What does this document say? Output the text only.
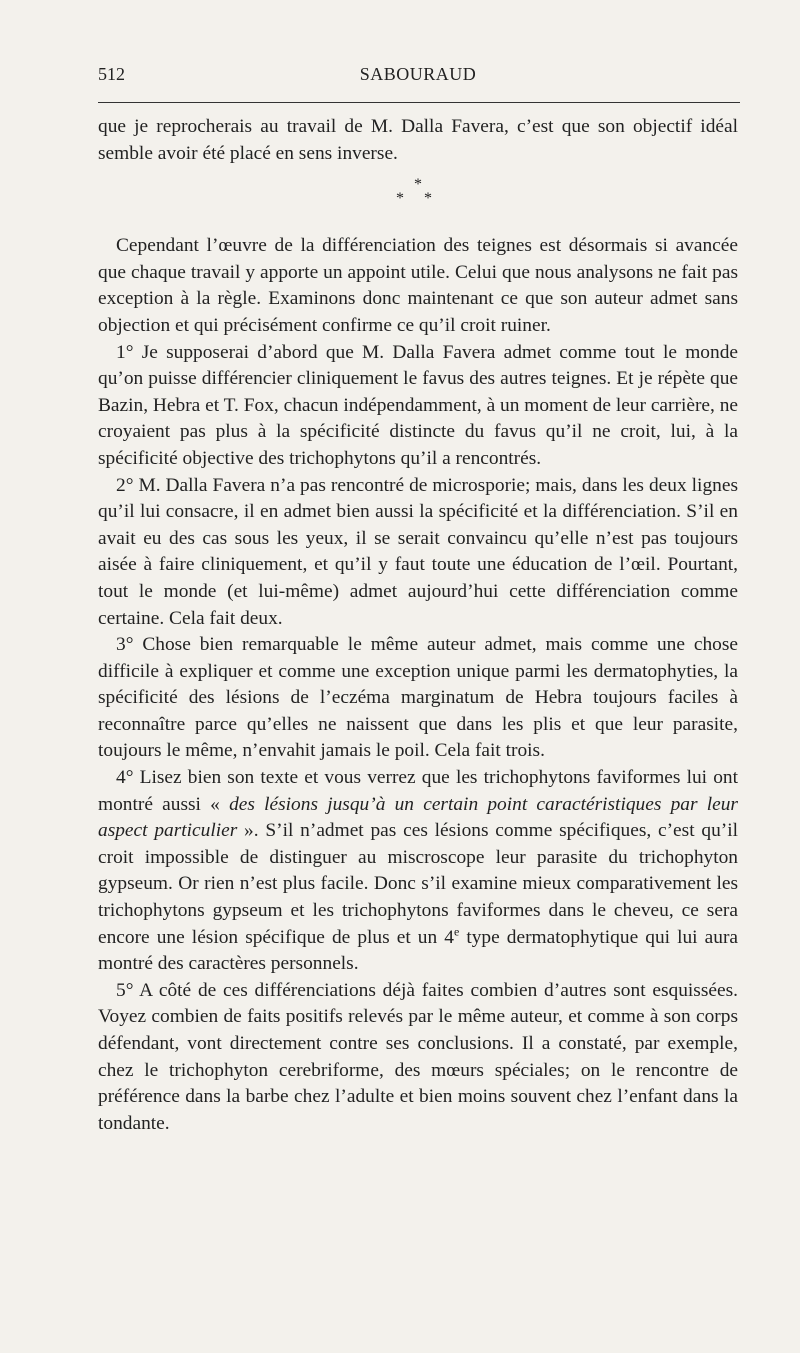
512	SABOURAUD

que je reprocherais au travail de M. Dalla Favera, c’est que son objectif idéal semble avoir été placé en sens inverse.

*
* *

Cependant l’œuvre de la différenciation des teignes est désormais si avancée que chaque travail y apporte un appoint utile. Celui que nous analysons ne fait pas exception à la règle. Examinons donc maintenant ce que son auteur admet sans objection et qui précisément confirme ce qu’il croit ruiner.

1° Je supposerai d’abord que M. Dalla Favera admet comme tout le monde qu’on puisse différencier cliniquement le favus des autres teignes. Et je répète que Bazin, Hebra et T. Fox, chacun indépendamment, à un moment de leur carrière, ne croyaient pas plus à la spécificité distincte du favus qu’il ne croit, lui, à la spécificité objective des trichophytons qu’il a rencontrés.

2° M. Dalla Favera n’a pas rencontré de microsporie; mais, dans les deux lignes qu’il lui consacre, il en admet bien aussi la spécificité et la différenciation. S’il en avait eu des cas sous les yeux, il se serait convaincu qu’elle n’est pas toujours aisée à faire cliniquement, et qu’il y faut toute une éducation de l’œil. Pourtant, tout le monde (et lui-même) admet aujourd’hui cette différenciation comme certaine. Cela fait deux.

3° Chose bien remarquable le même auteur admet, mais comme une chose difficile à expliquer et comme une exception unique parmi les dermatophyties, la spécificité des lésions de l’eczéma marginatum de Hebra toujours faciles à reconnaître parce qu’elles ne naissent que dans les plis et que leur parasite, toujours le même, n’envahit jamais le poil. Cela fait trois.

4° Lisez bien son texte et vous verrez que les trichophytons faviformes lui ont montré aussi « des lésions jusqu’à un certain point caractéristiques par leur aspect particulier ». S’il n’admet pas ces lésions comme spécifiques, c’est qu’il croit impossible de distinguer au miscroscope leur parasite du trichophyton gypseum. Or rien n’est plus facile. Donc s’il examine mieux comparativement les trichophytons gypseum et les trichophytons faviformes dans le cheveu, ce sera encore une lésion spécifique de plus et un 4e type dermatophytique qui lui aura montré des caractères personnels.

5° A côté de ces différenciations déjà faites combien d’autres sont esquissées. Voyez combien de faits positifs relevés par le même auteur, et comme à son corps défendant, vont directement contre ses conclusions. Il a constaté, par exemple, chez le trichophyton cerebriforme, des mœurs spéciales; on le rencontre de préférence dans la barbe chez l’adulte et bien moins souvent chez l’enfant dans la tondante.
